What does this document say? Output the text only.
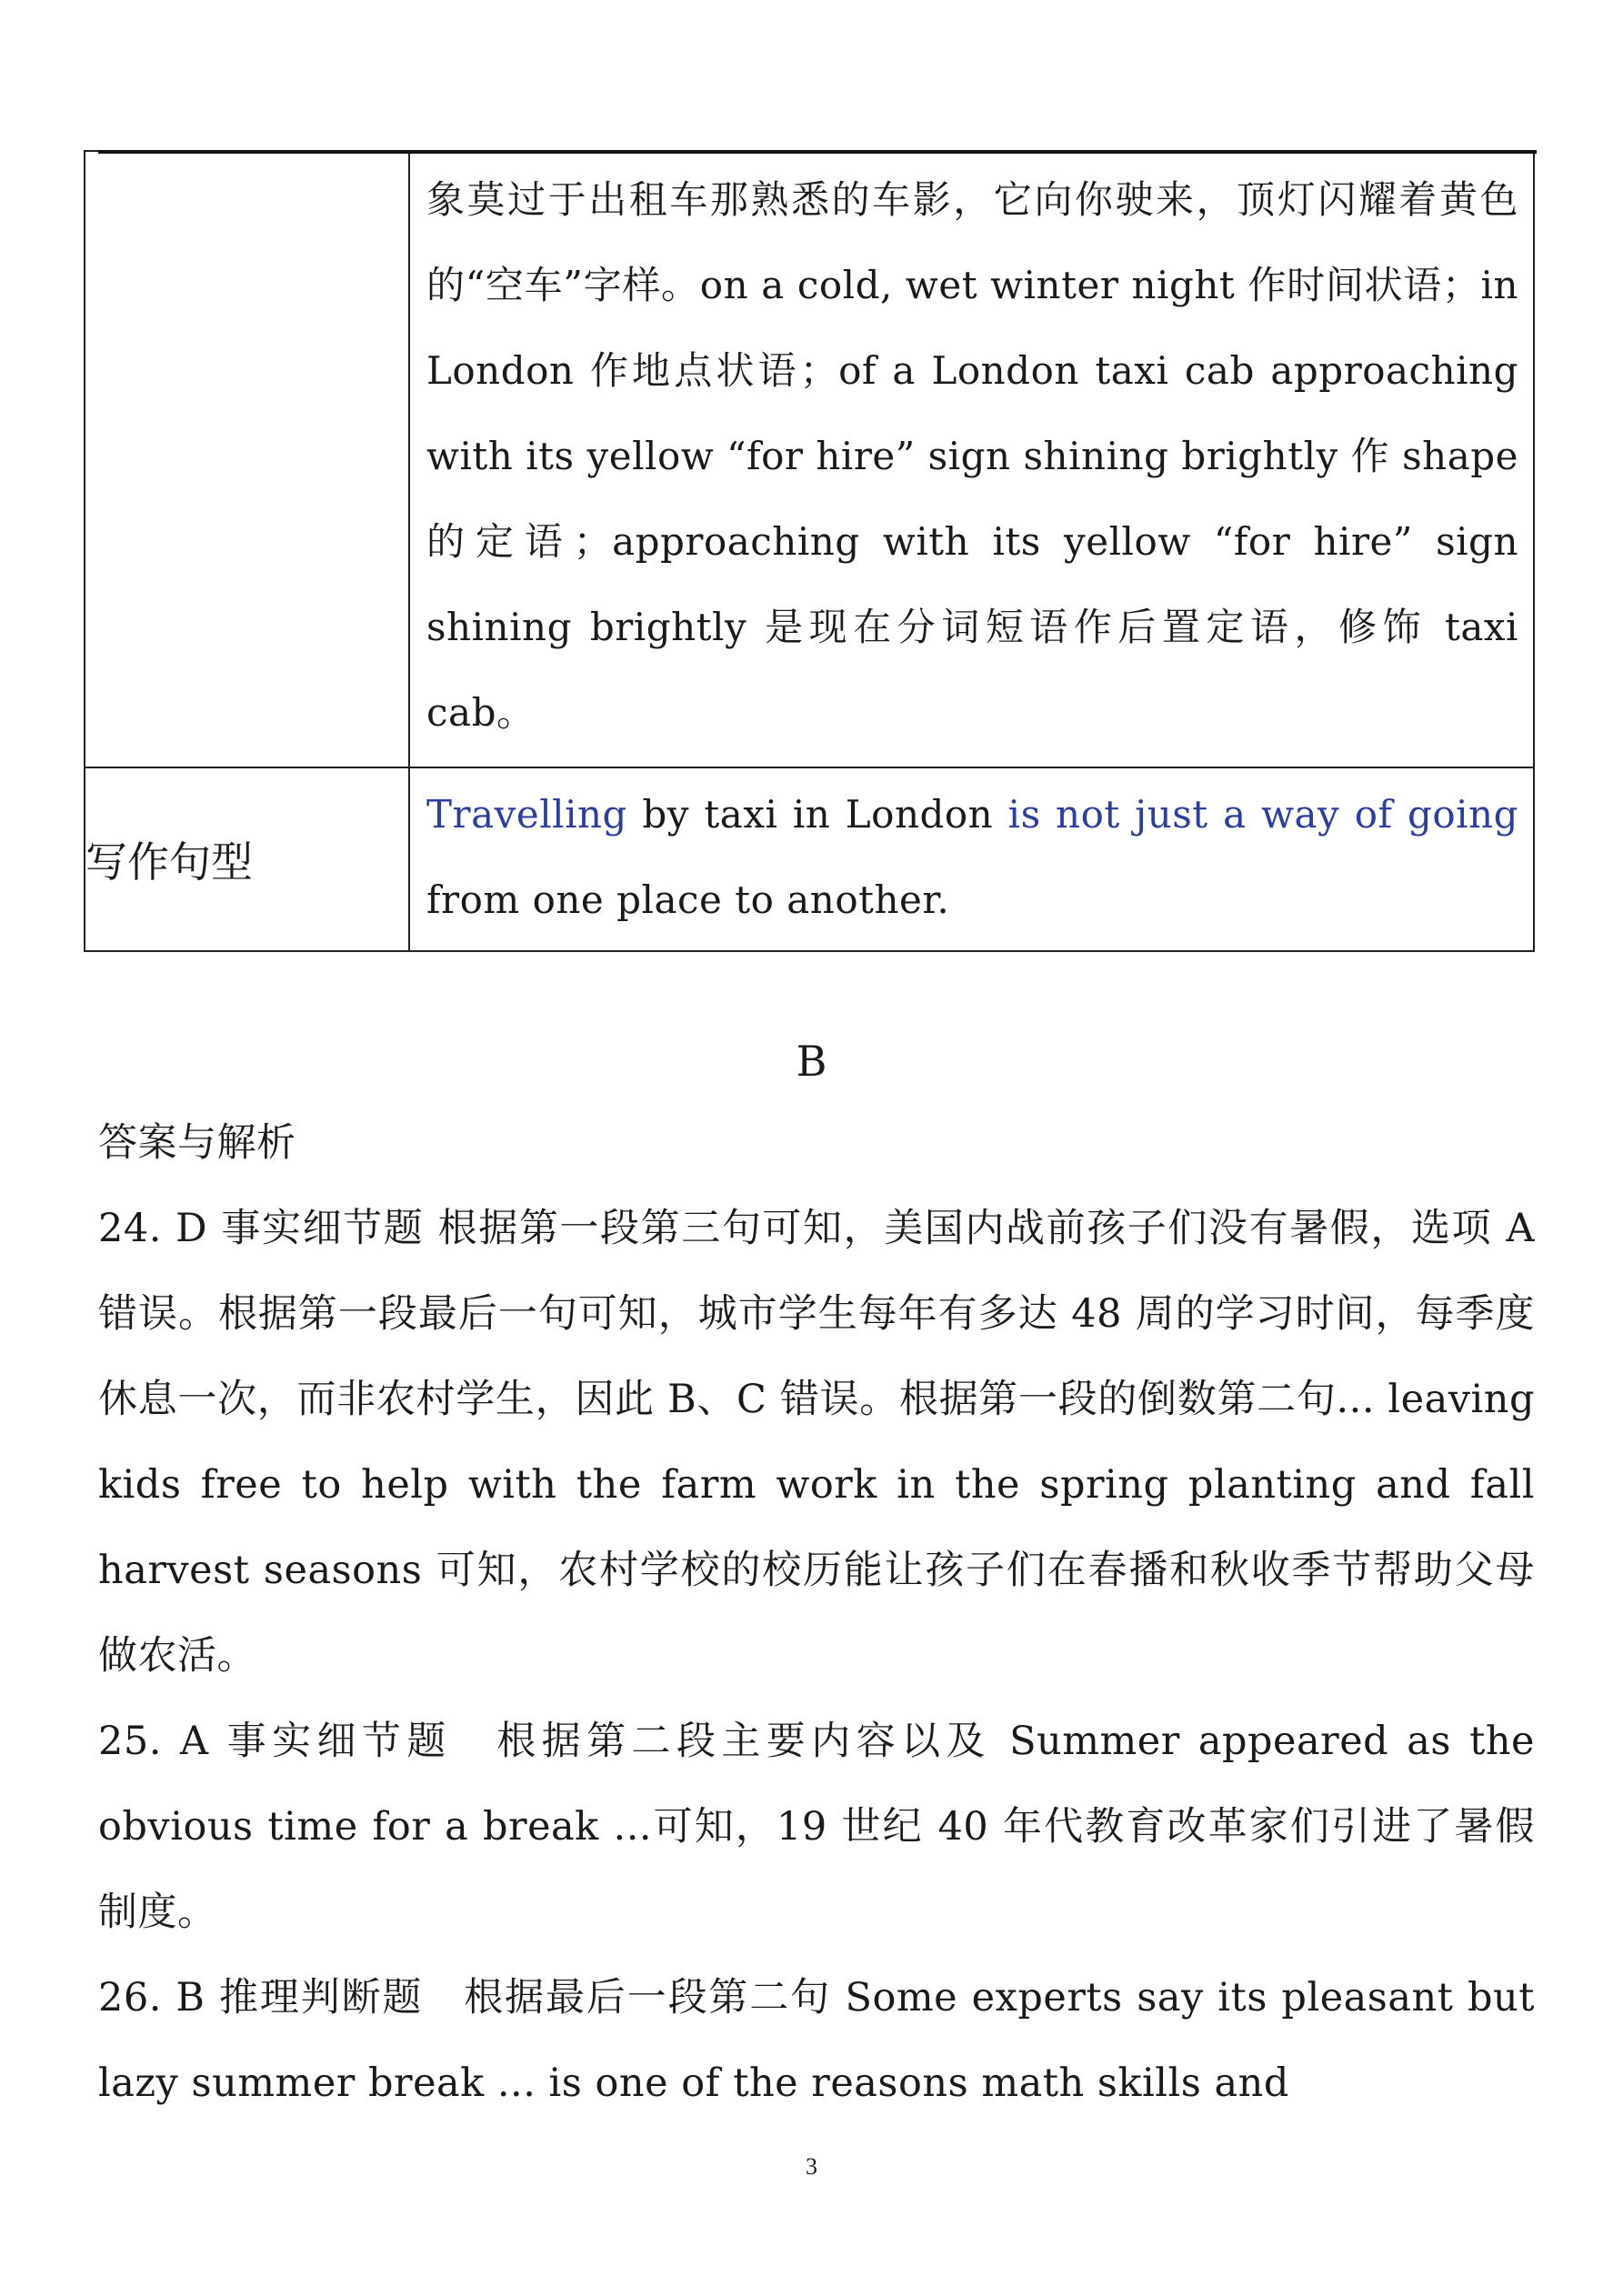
	象莫过于出租车那熟悉的车影，它向你驶来，顶灯闪耀着黄色的“空车”字样。on a cold, wet winter night 作时间状语；in London 作地点状语；of a London taxi cab approaching with its yellow “for hire” sign shining brightly 作 shape 的定语；approaching with its yellow “for hire” sign shining brightly 是现在分词短语作后置定语，修饰 taxi cab。

写作句型	Travelling by taxi in London is not just a way of going from one place to another.
B

答案与解析

24. D 事实细节题 根据第一段第三句可知，美国内战前孩子们没有暑假，选项 A 错误。根据第一段最后一句可知，城市学生每年有多达 48 周的学习时间，每季度休息一次，而非农村学生，因此 B、C 错误。根据第一段的倒数第二句... leaving kids free to help with the farm work in the spring planting and fall harvest seasons 可知，农村学校的校历能让孩子们在春播和秋收季节帮助父母做农活。

25. A 事实细节题　根据第二段主要内容以及 Summer appeared as the obvious time for a break ...可知，19 世纪 40 年代教育改革家们引进了暑假制度。

26. B 推理判断题　根据最后一段第二句 Some experts say its pleasant but lazy summer break ... is one of the reasons math skills and

3
